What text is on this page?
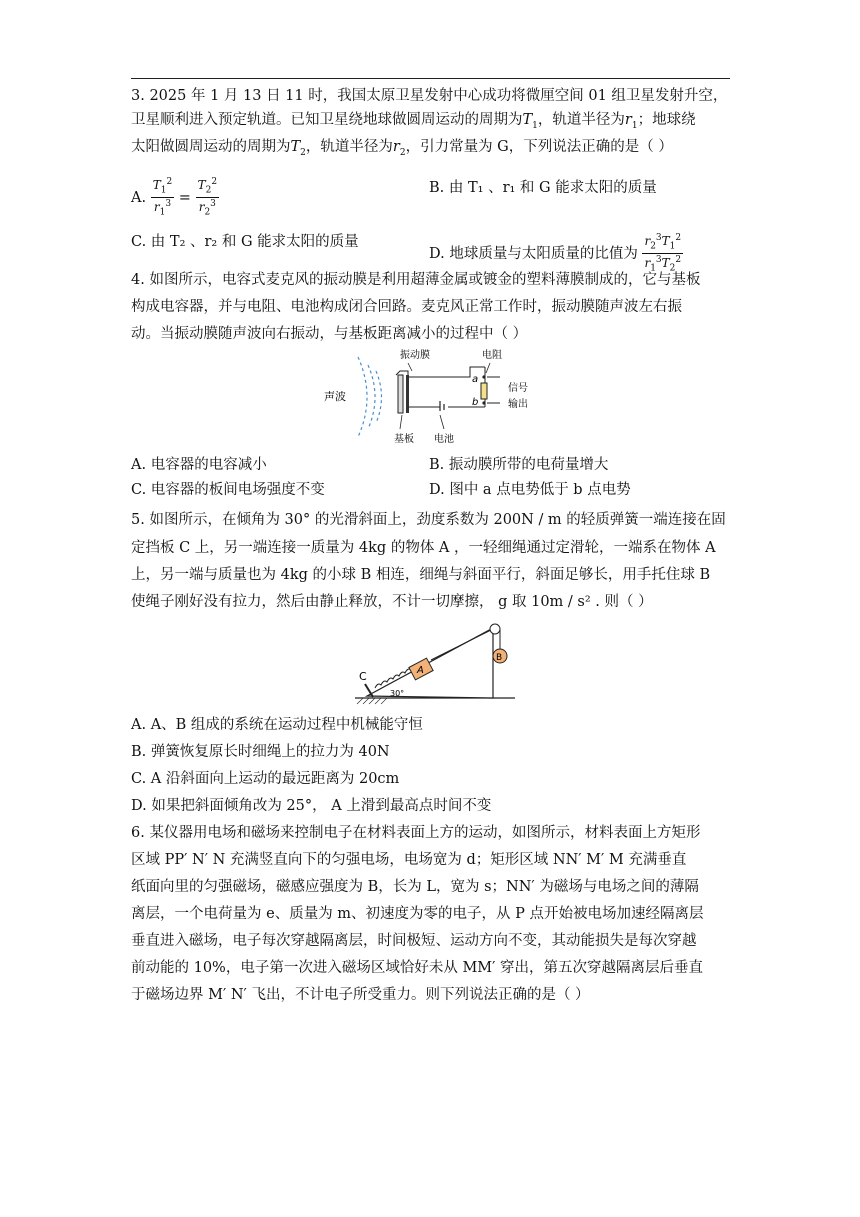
3. 2025 年 1 月 13 日 11 时，我国太原卫星发射中心成功将微厘空间 01 组卫星发射升空，
卫星顺利进入预定轨道。已知卫星绕地球做圆周运动的周期为$T_1$，轨道半径为$r_1$；地球绕
太阳做圆周运动的周期为$T_2$，轨道半径为$r_2$，引力常量为 G，下列说法正确的是（ ）
A. $\frac{T_1^2}{r_1^3} = \frac{T_2^2}{r_2^3}$	B. 由 T₁ 、r₁ 和 G 能求太阳的质量
C. 由 T₂ 、r₂ 和 G 能求太阳的质量
D. 地球质量与太阳质量的比值为 $\frac{r_2^3T_1^2}{r_1^3T_2^2}$
4. 如图所示，电容式麦克风的振动膜是利用超薄金属或镀金的塑料薄膜制成的，它与基板
构成电容器，并与电阻、电池构成闭合回路。麦克风正常工作时，振动膜随声波左右振
动。当振动膜随声波向右振动，与基板距离减小的过程中（ ）
声波
振动膜	电阻
a
b
信号
输出
基板 电池
A. 电容器的电容减小	B. 振动膜所带的电荷量增大
C. 电容器的板间电场强度不变	D. 图中 a 点电势低于 b 点电势
5. 如图所示，在倾角为 30° 的光滑斜面上，劲度系数为 200N / m 的轻质弹簧一端连接在固
定挡板 C 上，另一端连接一质量为 4kg 的物体 A ，一轻细绳通过定滑轮，一端系在物体 A
上，另一端与质量也为 4kg 的小球 B 相连，细绳与斜面平行，斜面足够长，用手托住球 B
使绳子刚好没有拉力，然后由静止释放，不计一切摩擦， g 取 10m / s² . 则（ ）
C	A
B
30°
A. A、B 组成的系统在运动过程中机械能守恒
B. 弹簧恢复原长时细绳上的拉力为 40N
C. A 沿斜面向上运动的最远距离为 20cm
D. 如果把斜面倾角改为 25°， A 上滑到最高点时间不变
6. 某仪器用电场和磁场来控制电子在材料表面上方的运动，如图所示，材料表面上方矩形
区域 PP′ N′ N 充满竖直向下的匀强电场，电场宽为 d；矩形区域 NN′ M′ M 充满垂直
纸面向里的匀强磁场，磁感应强度为 B，长为 L，宽为 s；NN′ 为磁场与电场之间的薄隔
离层，一个电荷量为 e、质量为 m、初速度为零的电子，从 P 点开始被电场加速经隔离层
垂直进入磁场，电子每次穿越隔离层，时间极短、运动方向不变，其动能损失是每次穿越
前动能的 10%，电子第一次进入磁场区域恰好未从 MM′ 穿出，第五次穿越隔离层后垂直
于磁场边界 M′ N′ 飞出，不计电子所受重力。则下列说法正确的是（ ）
